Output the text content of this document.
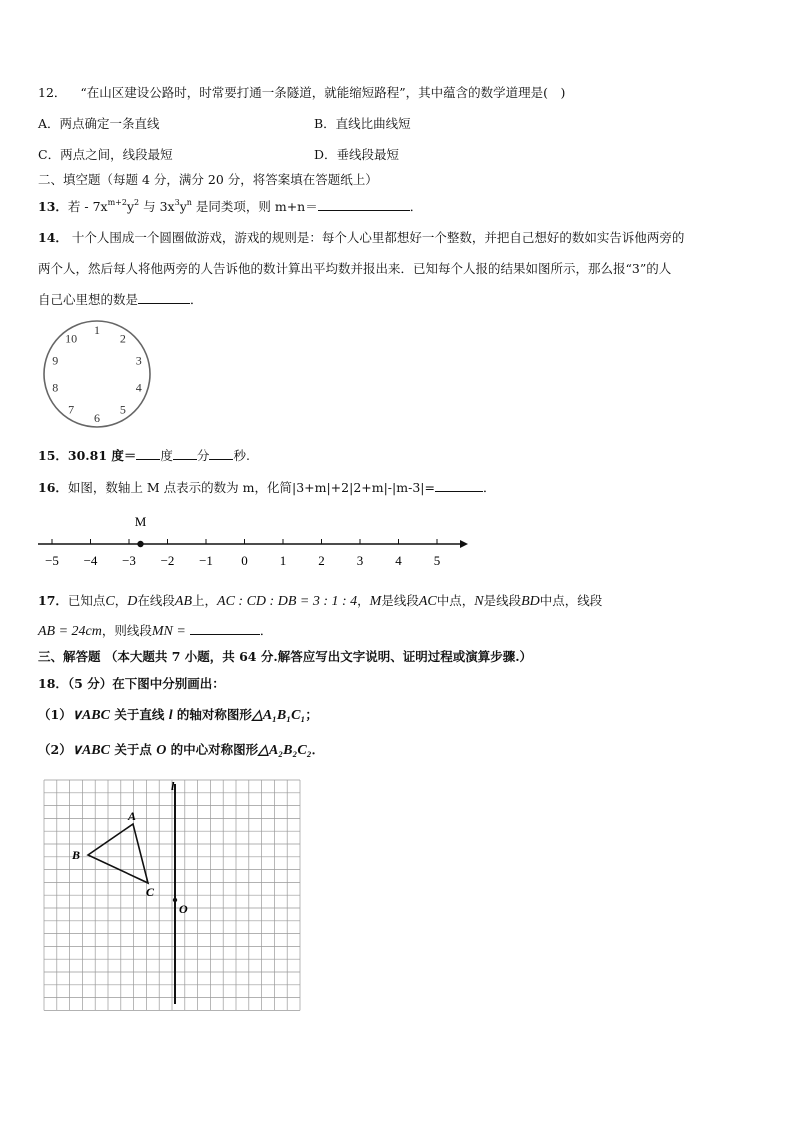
12． “在山区建设公路时，时常要打通一条隧道，就能缩短路程”，其中蕴含的数学道理是(　)
A．两点确定一条直线	B．直线比曲线短
C．两点之间，线段最短	D．垂线段最短
二、填空题（每题 4 分，满分 20 分，将答案填在答题纸上）
13．若 - $7x^{m+2}y^2$ 与 $3x^3y^n$ 是同类项，则 m+n＝	．
14． 十个人围成一个圆圈做游戏，游戏的规则是：每个人心里都想好一个整数，并把自己想好的数如实告诉他两旁的
两个人，然后每人将他两旁的人告诉他的数计算出平均数并报出来．已知每个人报的结果如图所示，那么报“3”的人
自己心里想的数是	．
1
2
3
4
5
6
7
8
9
10
15．30.81 度＝ 度 分 秒.
16．如图，数轴上 M 点表示的数为 m，化简|3+m|+2|2+m|-|m-3|=	．
−5 −4 −3 −2 −1 0 1 2 3 4 5
M
17．已知点C，D在线段AB上，AC : CD : DB = 3 : 1 : 4，M是线段AC中点，N是线段BD中点，线段
AB = 24cm，则线段MN =	．
三、解答题 （本大题共 7 小题，共 64 分.解答应写出文字说明、证明过程或演算步骤.）
18．（5 分）在下图中分别画出：
（1）∨ABC 关于直线 l 的轴对称图形△A₁B₁C₁；
（2）∨ABC 关于点 O 的中心对称图形△A₂B₂C₂．
l
O
A
B
C
